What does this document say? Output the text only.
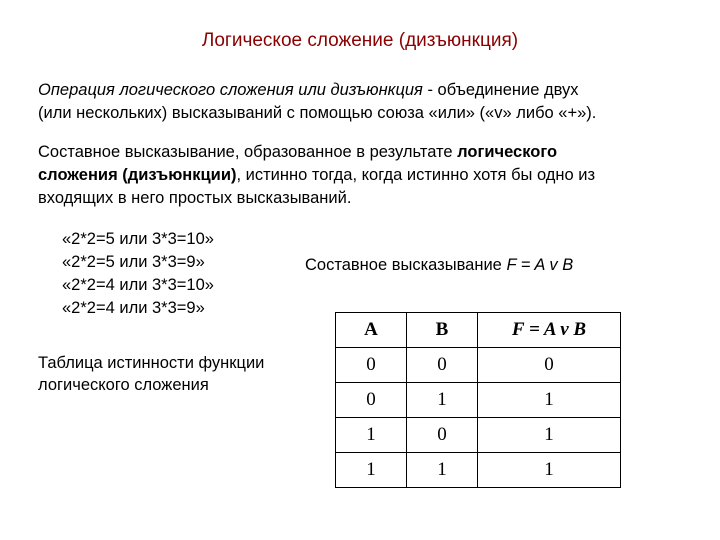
Логическое сложение (дизъюнкция)
Операция логического сложения или дизъюнкция - объединение двух
(или нескольких) высказываний с помощью союза «или» («v» либо «+»).
Составное высказывание, образованное в результате логического
сложения (дизъюнкции), истинно тогда, когда истинно хотя бы одно из
входящих в него простых высказываний.
«2*2=5 или 3*3=10»
«2*2=5 или 3*3=9»
«2*2=4 или 3*3=10»
«2*2=4 или 3*3=9»
Составное высказывание F = A v B
Таблица истинности функции
логического сложения
A	B	F = A v B
0	0	0
0	1	1
1	0	1
1	1	1
